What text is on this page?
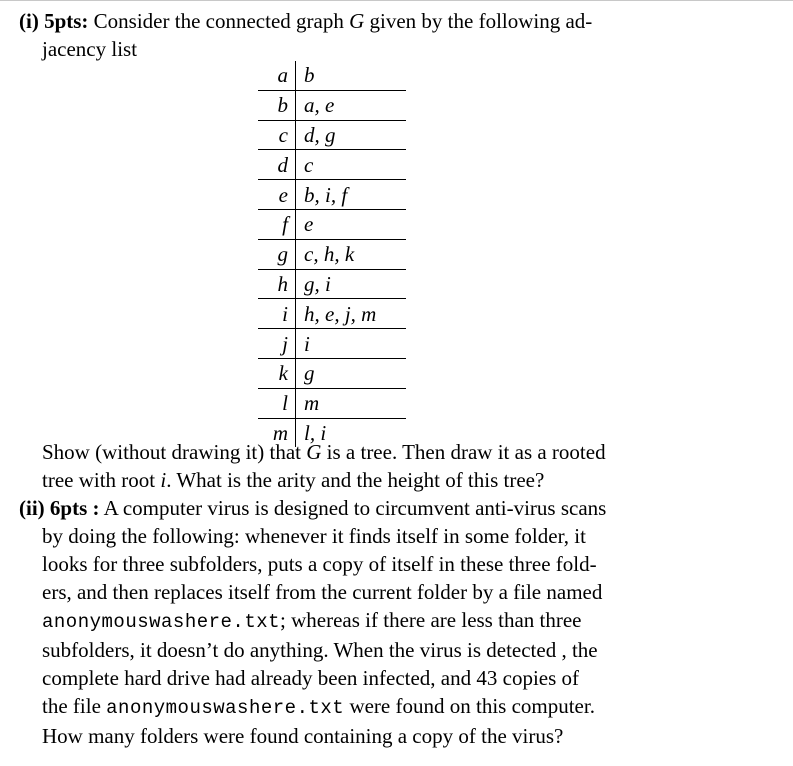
(i) 5pts: Consider the connected graph G given by the following ad-
jacency list
a	b
b	a, e
c	d, g
d	c
e	b, i, f
f	e
g	c, h, k
h	g, i
i	h, e, j, m
j	i
k	g
l	m
m	l, i
Show (without drawing it) that G is a tree. Then draw it as a rooted
tree with root i. What is the arity and the height of this tree?
(ii) 6pts : A computer virus is designed to circumvent anti-virus scans
by doing the following: whenever it finds itself in some folder, it
looks for three subfolders, puts a copy of itself in these three fold-
ers, and then replaces itself from the current folder by a file named
anonymouswashere.txt; whereas if there are less than three
subfolders, it doesn’t do anything. When the virus is detected , the
complete hard drive had already been infected, and 43 copies of
the file anonymouswashere.txt were found on this computer.
How many folders were found containing a copy of the virus?
